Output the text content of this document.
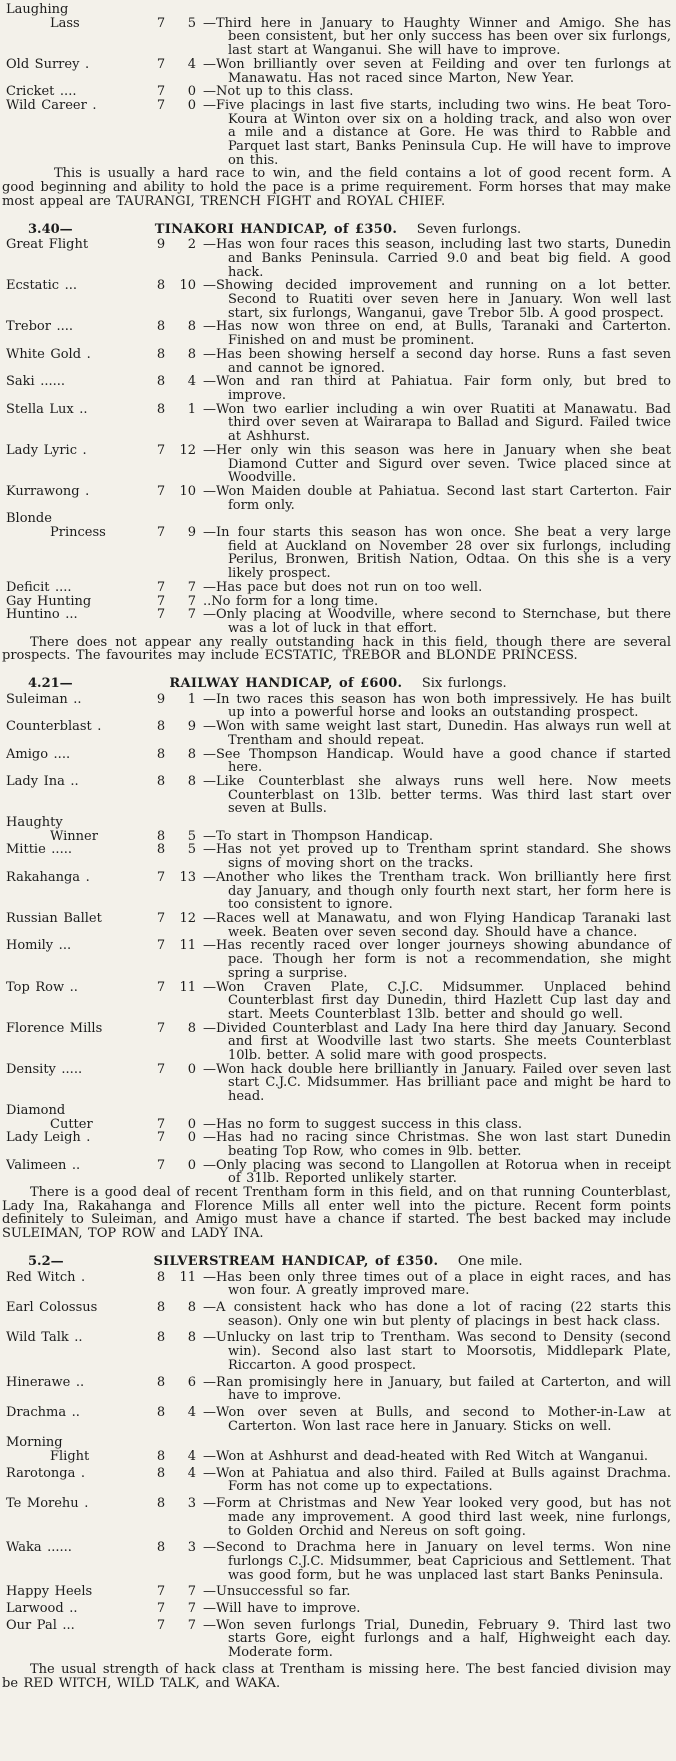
Laughing
Lass	7	5 —Third here in January to Haughty Winner and Amigo. She has been consistent, but her only success has been over six furlongs, last start at Wanganui. She will have to improve.
Old Surrey .	7	4 —Won brilliantly over seven at Feilding and over ten furlongs at Manawatu. Has not raced since Marton, New Year.
Cricket ....	7	0 —Not up to this class.
Wild Career .	7	0 —Five placings in last five starts, including two wins. He beat Toro-Koura at Winton over six on a holding track, and also won over a mile and a distance at Gore. He was third to Rabble and Parquet last start, Banks Peninsula Cup. He will have to improve on this.

This is usually a hard race to win, and the field contains a lot of good recent form. A good beginning and ability to hold the pace is a prime requirement. Form horses that may make most appeal are TAURANGI, TRENCH FIGHT and ROYAL CHIEF.

3.40—	TINAKORI HANDICAP, of £350. Seven furlongs.
Great Flight	9	2 —Has won four races this season, including last two starts, Dunedin and Banks Peninsula. Carried 9.0 and beat big field. A good hack.
Ecstatic ...	8	10 —Showing decided improvement and running on a lot better. Second to Ruatiti over seven here in January. Won well last start, six furlongs, Wanganui, gave Trebor 5lb. A good prospect.
Trebor ....	8	8 —Has now won three on end, at Bulls, Taranaki and Carterton. Finished on and must be prominent.
White Gold .	8	8 —Has been showing herself a second day horse. Runs a fast seven and cannot be ignored.
Saki ......	8	4 —Won and ran third at Pahiatua. Fair form only, but bred to improve.
Stella Lux ..	8	1 —Won two earlier including a win over Ruatiti at Manawatu. Bad third over seven at Wairarapa to Ballad and Sigurd. Failed twice at Ashhurst.
Lady Lyric .	7	12 —Her only win this season was here in January when she beat Diamond Cutter and Sigurd over seven. Twice placed since at Woodville.
Kurrawong .	7	10 —Won Maiden double at Pahiatua. Second last start Carterton. Fair form only.
Blonde
Princess	7	9 —In four starts this season has won once. She beat a very large field at Auckland on November 28 over six furlongs, including Perilus, Bronwen, British Nation, Odtaa. On this she is a very likely prospect.
Deficit ....	7	7 —Has pace but does not run on too well.
Gay Hunting	7	7 ..No form for a long time.
Huntino ...	7	7 —Only placing at Woodville, where second to Sternchase, but there was a lot of luck in that effort.

There does not appear any really outstanding hack in this field, though there are several prospects. The favourites may include ECSTATIC, TREBOR and BLONDE PRINCESS.

4.21—	RAILWAY HANDICAP, of £600. Six furlongs.
Suleiman ..	9	1 —In two races this season has won both impressively. He has built up into a powerful horse and looks an outstanding prospect.
Counterblast .	8	9 —Won with same weight last start, Dunedin. Has always run well at Trentham and should repeat.
Amigo ....	8	8 —See Thompson Handicap. Would have a good chance if started here.
Lady Ina ..	8	8 —Like Counterblast she always runs well here. Now meets Counterblast on 13lb. better terms. Was third last start over seven at Bulls.
Haughty
Winner	8	5 —To start in Thompson Handicap.
Mittie .....	8	5 —Has not yet proved up to Trentham sprint standard. She shows signs of moving short on the tracks.
Rakahanga .	7	13 —Another who likes the Trentham track. Won brilliantly here first day January, and though only fourth next start, her form here is too consistent to ignore.
Russian Ballet	7	12 —Races well at Manawatu, and won Flying Handicap Taranaki last week. Beaten over seven second day. Should have a chance.
Homily ...	7	11 —Has recently raced over longer journeys showing abundance of pace. Though her form is not a recommendation, she might spring a surprise.
Top Row ..	7	11 —Won Craven Plate, C.J.C. Midsummer. Unplaced behind Counterblast first day Dunedin, third Hazlett Cup last day and start. Meets Counterblast 13lb. better and should go well.
Florence Mills	7	8 —Divided Counterblast and Lady Ina here third day January. Second and first at Woodville last two starts. She meets Counterblast 10lb. better. A solid mare with good prospects.
Density .....	7	0 —Won hack double here brilliantly in January. Failed over seven last start C.J.C. Midsummer. Has brilliant pace and might be hard to head.
Diamond
Cutter	7	0 —Has no form to suggest success in this class.
Lady Leigh .	7	0 —Has had no racing since Christmas. She won last start Dunedin beating Top Row, who comes in 9lb. better.
Valimeen ..	7	0 —Only placing was second to Llangollen at Rotorua when in receipt of 31lb. Reported unlikely starter.

There is a good deal of recent Trentham form in this field, and on that running Counterblast, Lady Ina, Rakahanga and Florence Mills all enter well into the picture. Recent form points definitely to Suleiman, and Amigo must have a chance if started. The best backed may include SULEIMAN, TOP ROW and LADY INA.

5.2—	SILVERSTREAM HANDICAP, of £350. One mile.
Red Witch .	8	11 —Has been only three times out of a place in eight races, and has won four. A greatly improved mare.
Earl Colossus	8	8 —A consistent hack who has done a lot of racing (22 starts this season). Only one win but plenty of placings in best hack class.
Wild Talk ..	8	8 —Unlucky on last trip to Trentham. Was second to Density (second win). Second also last start to Moorsotis, Middlepark Plate, Riccarton. A good prospect.
Hinerawe ..	8	6 —Ran promisingly here in January, but failed at Carterton, and will have to improve.
Drachma ..	8	4 —Won over seven at Bulls, and second to Mother-in-Law at Carterton. Won last race here in January. Sticks on well.
Morning
Flight	8	4 —Won at Ashhurst and dead-heated with Red Witch at Wanganui.
Rarotonga .	8	4 —Won at Pahiatua and also third. Failed at Bulls against Drachma. Form has not come up to expectations.
Te Morehu .	8	3 —Form at Christmas and New Year looked very good, but has not made any improvement. A good third last week, nine furlongs, to Golden Orchid and Nereus on soft going.
Waka ......	8	3 —Second to Drachma here in January on level terms. Won nine furlongs C.J.C. Midsummer, beat Capricious and Settlement. That was good form, but he was unplaced last start Banks Peninsula.
Happy Heels	7	7 —Unsuccessful so far.
Larwood ..	7	7 —Will have to improve.
Our Pal ...	7	7 —Won seven furlongs Trial, Dunedin, February 9. Third last two starts Gore, eight furlongs and a half, Highweight each day. Moderate form.

The usual strength of hack class at Trentham is missing here. The best fancied division may be RED WITCH, WILD TALK, and WAKA.
